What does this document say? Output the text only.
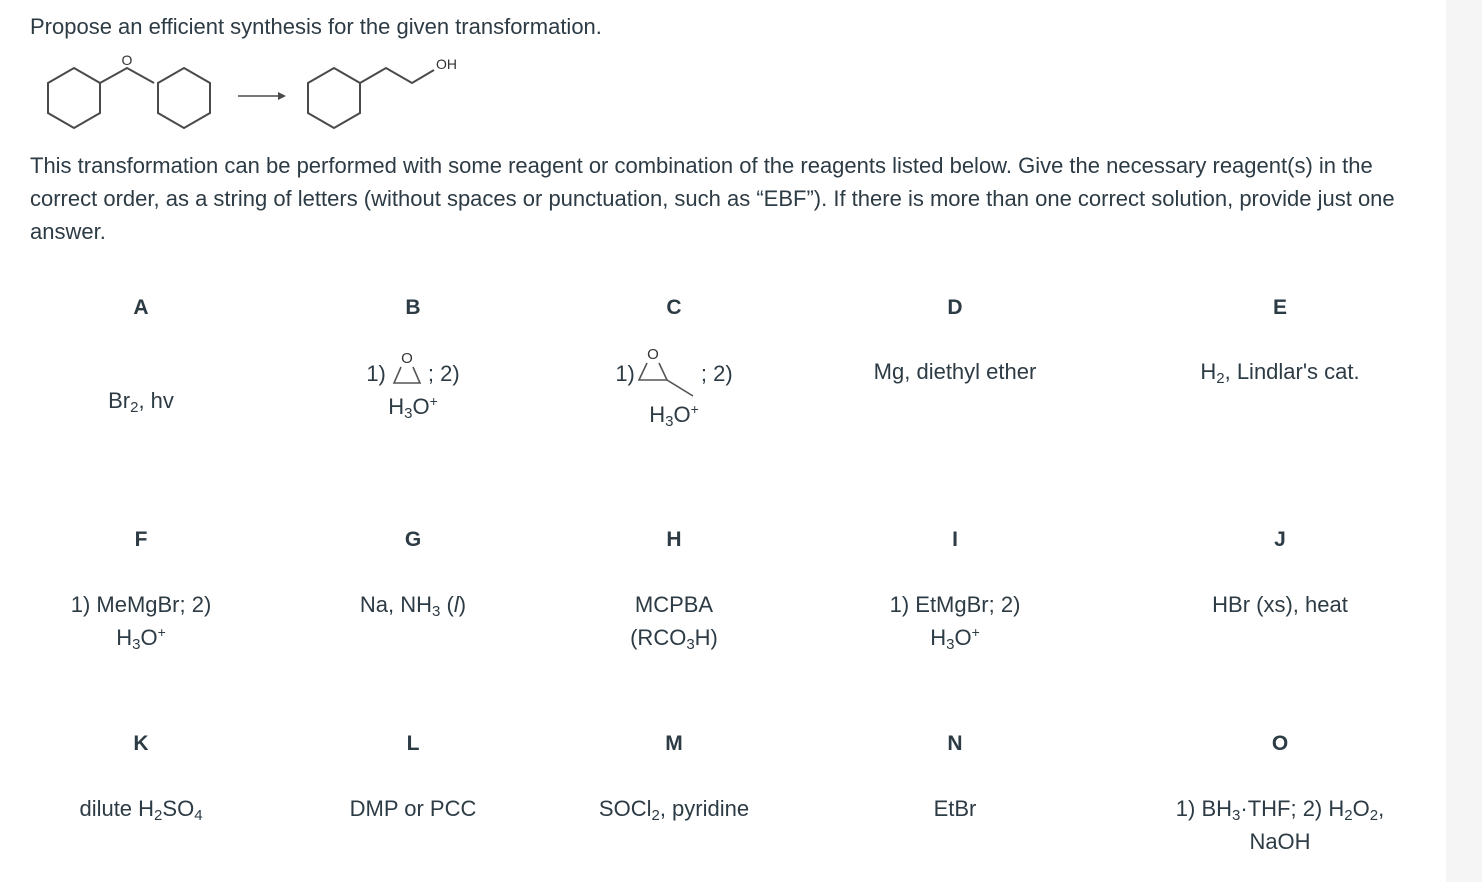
Propose an efficient synthesis for the given transformation.
O	OH
This transformation can be performed with some reagent or combination of the reagents listed below. Give the necessary reagent(s) in the correct order, as a string of letters (without spaces or punctuation, such as “EBF”). If there is more than one correct solution, provide just one answer.
A
$Br_2$, hv
B
1)
O
; 2)
$H_3O^+$
C
1)
O
; 2)
$H_3O^+$
D
Mg, diethyl ether
E
$H_2$, Lindlar's cat.
F
1) MeMgBr; 2) $H_3O^+$
G
Na, $NH_3$ (l)
H
MCPBA $(RCO_3H)$
I
1) EtMgBr; 2) $H_3O^+$
J
HBr (xs), heat
K
dilute $H_2SO_4$
L
DMP or PCC
M
SOCl$_2$, pyridine
N
EtBr
O
1) $BH_3\cdot THF$; 2) $H_2O_2$, NaOH
